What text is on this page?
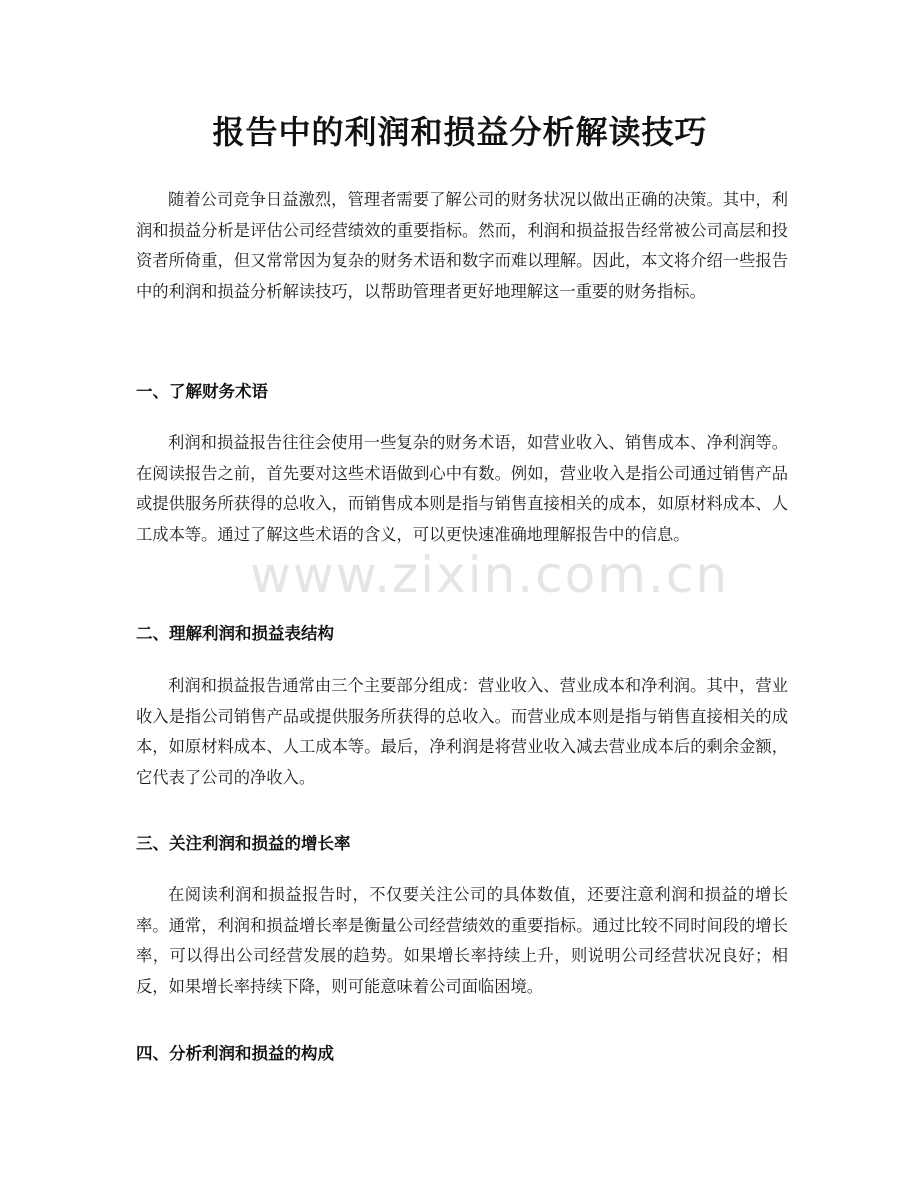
报告中的利润和损益分析解读技巧

随着公司竞争日益激烈，管理者需要了解公司的财务状况以做出正确的决策。其中，利润和损益分析是评估公司经营绩效的重要指标。然而，利润和损益报告经常被公司高层和投资者所倚重，但又常常因为复杂的财务术语和数字而难以理解。因此，本文将介绍一些报告中的利润和损益分析解读技巧，以帮助管理者更好地理解这一重要的财务指标。

一、了解财务术语

利润和损益报告往往会使用一些复杂的财务术语，如营业收入、销售成本、净利润等。在阅读报告之前，首先要对这些术语做到心中有数。例如，营业收入是指公司通过销售产品或提供服务所获得的总收入，而销售成本则是指与销售直接相关的成本，如原材料成本、人工成本等。通过了解这些术语的含义，可以更快速准确地理解报告中的信息。

二、理解利润和损益表结构

利润和损益报告通常由三个主要部分组成：营业收入、营业成本和净利润。其中，营业收入是指公司销售产品或提供服务所获得的总收入。而营业成本则是指与销售直接相关的成本，如原材料成本、人工成本等。最后，净利润是将营业收入减去营业成本后的剩余金额，它代表了公司的净收入。

三、关注利润和损益的增长率

在阅读利润和损益报告时，不仅要关注公司的具体数值，还要注意利润和损益的增长率。通常，利润和损益增长率是衡量公司经营绩效的重要指标。通过比较不同时间段的增长率，可以得出公司经营发展的趋势。如果增长率持续上升，则说明公司经营状况良好；相反，如果增长率持续下降，则可能意味着公司面临困境。

四、分析利润和损益的构成
www.zixin.com.cn
